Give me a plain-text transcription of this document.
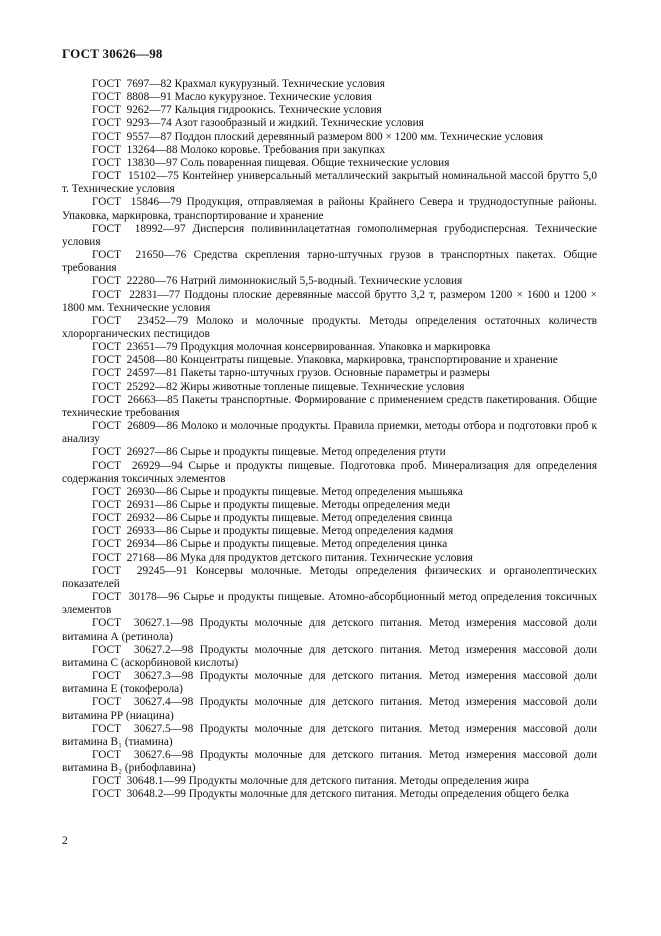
ГОСТ 30626—98

ГОСТ  7697—82 Крахмал кукурузный. Технические условия

ГОСТ  8808—91 Масло кукурузное. Технические условия

ГОСТ  9262—77 Кальция гидроокись. Технические условия

ГОСТ  9293—74 Азот газообразный и жидкий. Технические условия

ГОСТ  9557—87 Поддон плоский деревянный размером 800 × 1200 мм. Технические условия

ГОСТ  13264—88 Молоко коровье. Требования при закупках

ГОСТ  13830—97 Соль поваренная пищевая. Общие технические условия

ГОСТ  15102—75 Контейнер универсальный металлический закрытый номинальной массой брутто 5,0 т. Технические условия

ГОСТ  15846—79 Продукция, отправляемая в районы Крайнего Севера и труднодоступные районы. Упаковка, маркировка, транспортирование и хранение

ГОСТ  18992—97 Дисперсия поливинилацетатная гомополимерная грубодисперсная. Технические условия

ГОСТ  21650—76 Средства скрепления тарно-штучных грузов в транспортных пакетах. Общие требования

ГОСТ  22280—76 Натрий лимоннокислый 5,5-водный. Технические условия

ГОСТ  22831—77 Поддоны плоские деревянные массой брутто 3,2 т, размером 1200 × 1600 и 1200 × 1800 мм. Технические условия

ГОСТ  23452—79 Молоко и молочные продукты. Методы определения остаточных количеств хлорорганических пестицидов

ГОСТ  23651—79 Продукция молочная консервированная. Упаковка и маркировка

ГОСТ  24508—80 Концентраты пищевые. Упаковка, маркировка, транспортирование и хранение

ГОСТ  24597—81 Пакеты тарно-штучных грузов. Основные параметры и размеры

ГОСТ  25292—82 Жиры животные топленые пищевые. Технические условия

ГОСТ  26663—85 Пакеты транспортные. Формирование с применением средств пакетирования. Общие технические требования

ГОСТ  26809—86 Молоко и молочные продукты. Правила приемки, методы отбора и подготовки проб к анализу

ГОСТ  26927—86 Сырье и продукты пищевые. Метод определения ртути

ГОСТ  26929—94 Сырье и продукты пищевые. Подготовка проб. Минерализация для определения содержания токсичных элементов

ГОСТ  26930—86 Сырье и продукты пищевые. Метод определения мышьяка

ГОСТ  26931—86 Сырье и продукты пищевые. Методы определения меди

ГОСТ  26932—86 Сырье и продукты пищевые. Метод определения свинца

ГОСТ  26933—86 Сырье и продукты пищевые. Метод определения кадмия

ГОСТ  26934—86 Сырье и продукты пищевые. Метод определения цинка

ГОСТ  27168—86 Мука для продуктов детского питания. Технические условия

ГОСТ  29245—91 Консервы молочные. Методы определения физических и органолептических показателей

ГОСТ  30178—96 Сырье и продукты пищевые. Атомно-абсорбционный метод определения токсичных элементов

ГОСТ  30627.1—98 Продукты молочные для детского питания. Метод измерения массовой доли витамина А (ретинола)

ГОСТ  30627.2—98 Продукты молочные для детского питания. Метод измерения массовой доли витамина С (аскорбиновой кислоты)

ГОСТ  30627.3—98 Продукты молочные для детского питания. Метод измерения массовой доли витамина Е (токоферола)

ГОСТ  30627.4—98 Продукты молочные для детского питания. Метод измерения массовой доли витамина РР (ниацина)

ГОСТ  30627.5—98 Продукты молочные для детского питания. Метод измерения массовой доли витамина В₁ (тиамина)

ГОСТ  30627.6—98 Продукты молочные для детского питания. Метод измерения массовой доли витамина В₂ (рибофлавина)

ГОСТ  30648.1—99 Продукты молочные для детского питания. Методы определения жира

ГОСТ  30648.2—99 Продукты молочные для детского питания. Методы определения общего белка

2
